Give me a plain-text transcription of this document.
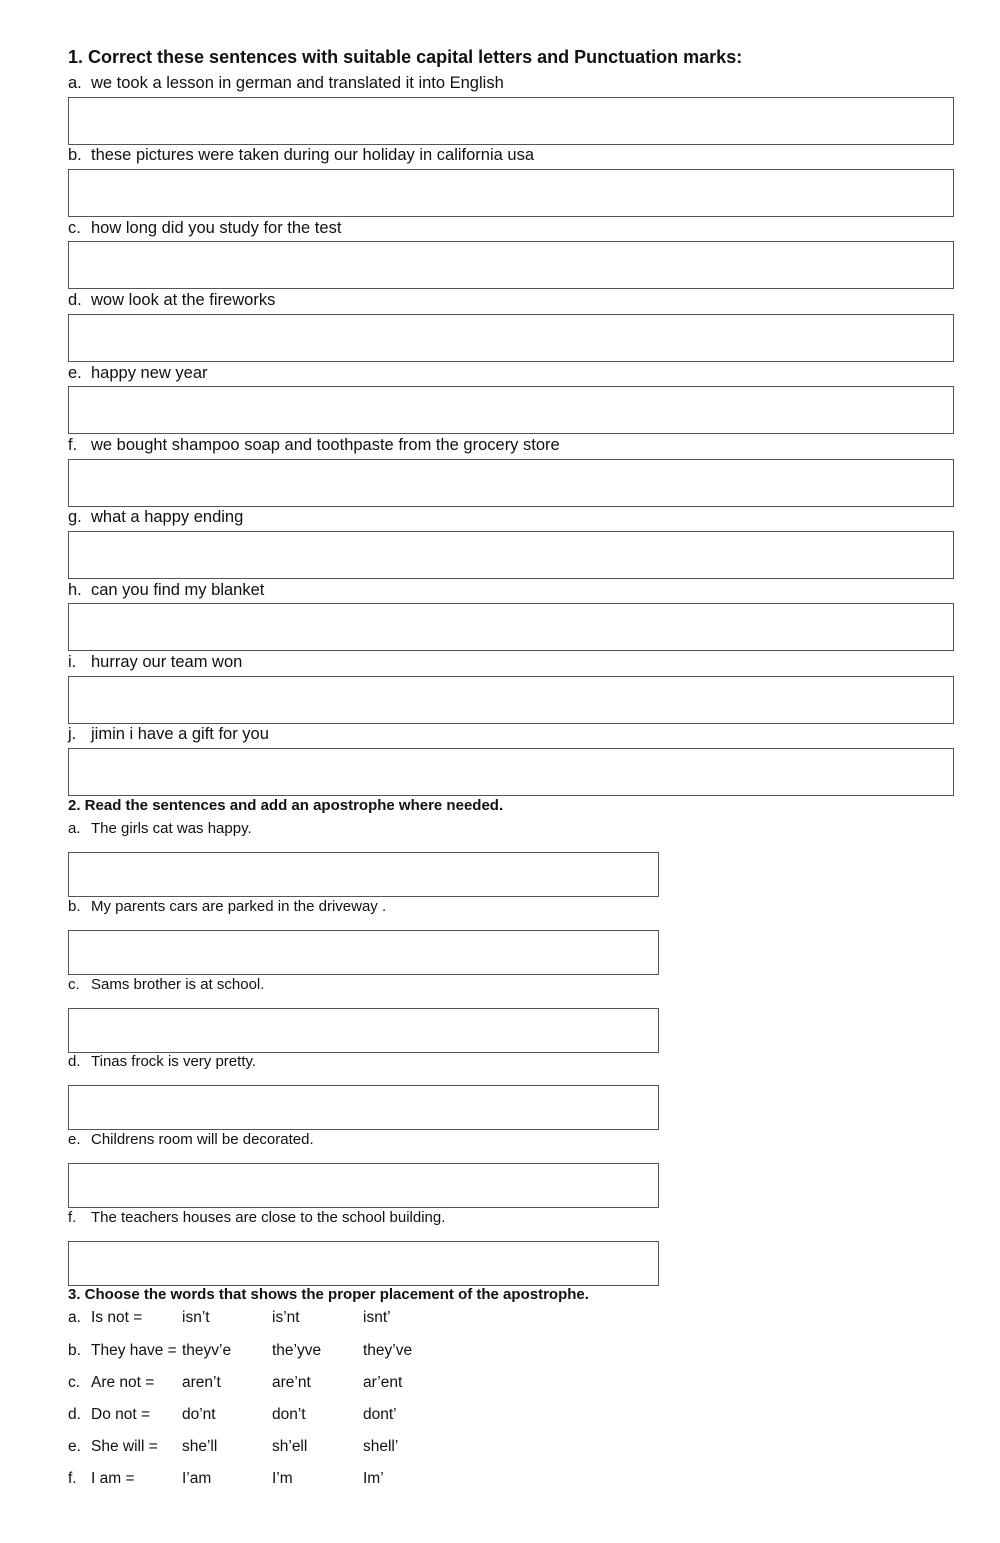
1. Correct these sentences with suitable capital letters and Punctuation marks:
a. we took a lesson in german and translated it into English
b. these pictures were taken during our holiday in california usa
c. how long did you study for the test
d. wow look at the fireworks
e. happy new year
f. we bought shampoo soap and toothpaste from the grocery store
g. what a happy ending
h. can you find my blanket
i. hurray our team won
j. jimin i have a gift for you
2. Read the sentences and add an apostrophe where needed.
a. The girls cat was happy.
b. My parents cars are parked in the driveway .
c. Sams brother is at school.
d. Tinas frock is very pretty.
e. Childrens room will be decorated.
f. The teachers houses are close to the school building.
3. Choose the words that shows the proper placement of the apostrophe.
a. Is not =	isn’t	is’nt	isnt’
b. They have = theyv’e	the’yve	they’ve
c. Are not = aren’t	are’nt	ar’ent
d. Do not = do’nt	don’t	dont’
e. She will = she’ll	sh’ell	shell’
f. I am =	I’am	I’m	Im’
